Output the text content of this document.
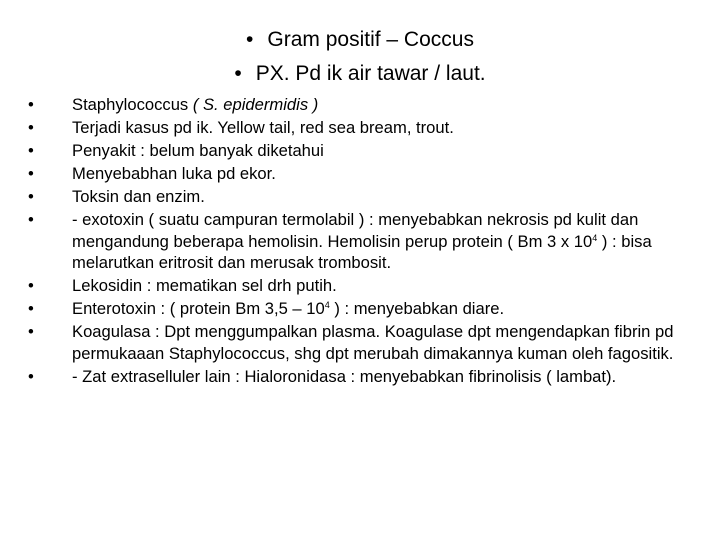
• Gram positif – Coccus
• PX. Pd ik air tawar / laut.
•	Staphylococcus ( S. epidermidis )
•	Terjadi kasus pd ik. Yellow tail, red sea bream, trout.
•	Penyakit : belum banyak diketahui
•	Menyebabhan luka pd ekor.
•	Toksin dan enzim.
•	- exotoxin ( suatu campuran termolabil ) : menyebabkan nekrosis pd kulit dan mengandung beberapa hemolisin. Hemolisin perup protein ( Bm 3 x $10^4$ ) : bisa melarutkan eritrosit dan merusak trombosit.
•	Lekosidin : mematikan sel drh putih.
•	Enterotoxin : ( protein Bm $3,5 - 10^4$ ) : menyebabkan diare.
•	Koagulasa : Dpt menggumpalkan plasma. Koagulase dpt mengendapkan fibrin pd permukaaan Staphylococcus, shg dpt merubah dimakannya kuman oleh fagositik.
•	- Zat extraselluler lain : Hialoronidasa : menyebabkan fibrinolisis ( lambat).
